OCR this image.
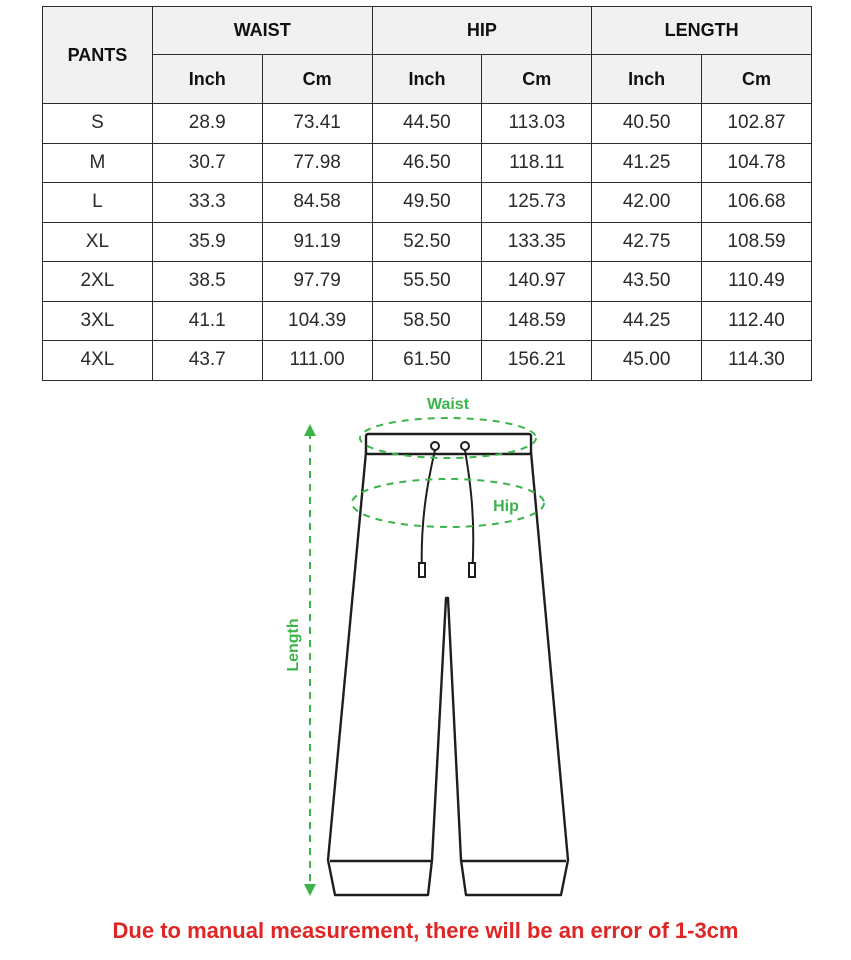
PANTS	WAIST		HIP		LENGTH	
	Inch	Cm	Inch	Cm	Inch	Cm
S	28.9	73.41	44.50	113.03	40.50	102.87
M	30.7	77.98	46.50	118.11	41.25	104.78
L	33.3	84.58	49.50	125.73	42.00	106.68
XL	35.9	91.19	52.50	133.35	42.75	108.59
2XL	38.5	97.79	55.50	140.97	43.50	110.49
3XL	41.1	104.39	58.50	148.59	44.25	112.40
4XL	43.7	111.00	61.50	156.21	45.00	114.30
Length
Waist
Hip
Due to manual measurement, there will be an error of 1-3cm
